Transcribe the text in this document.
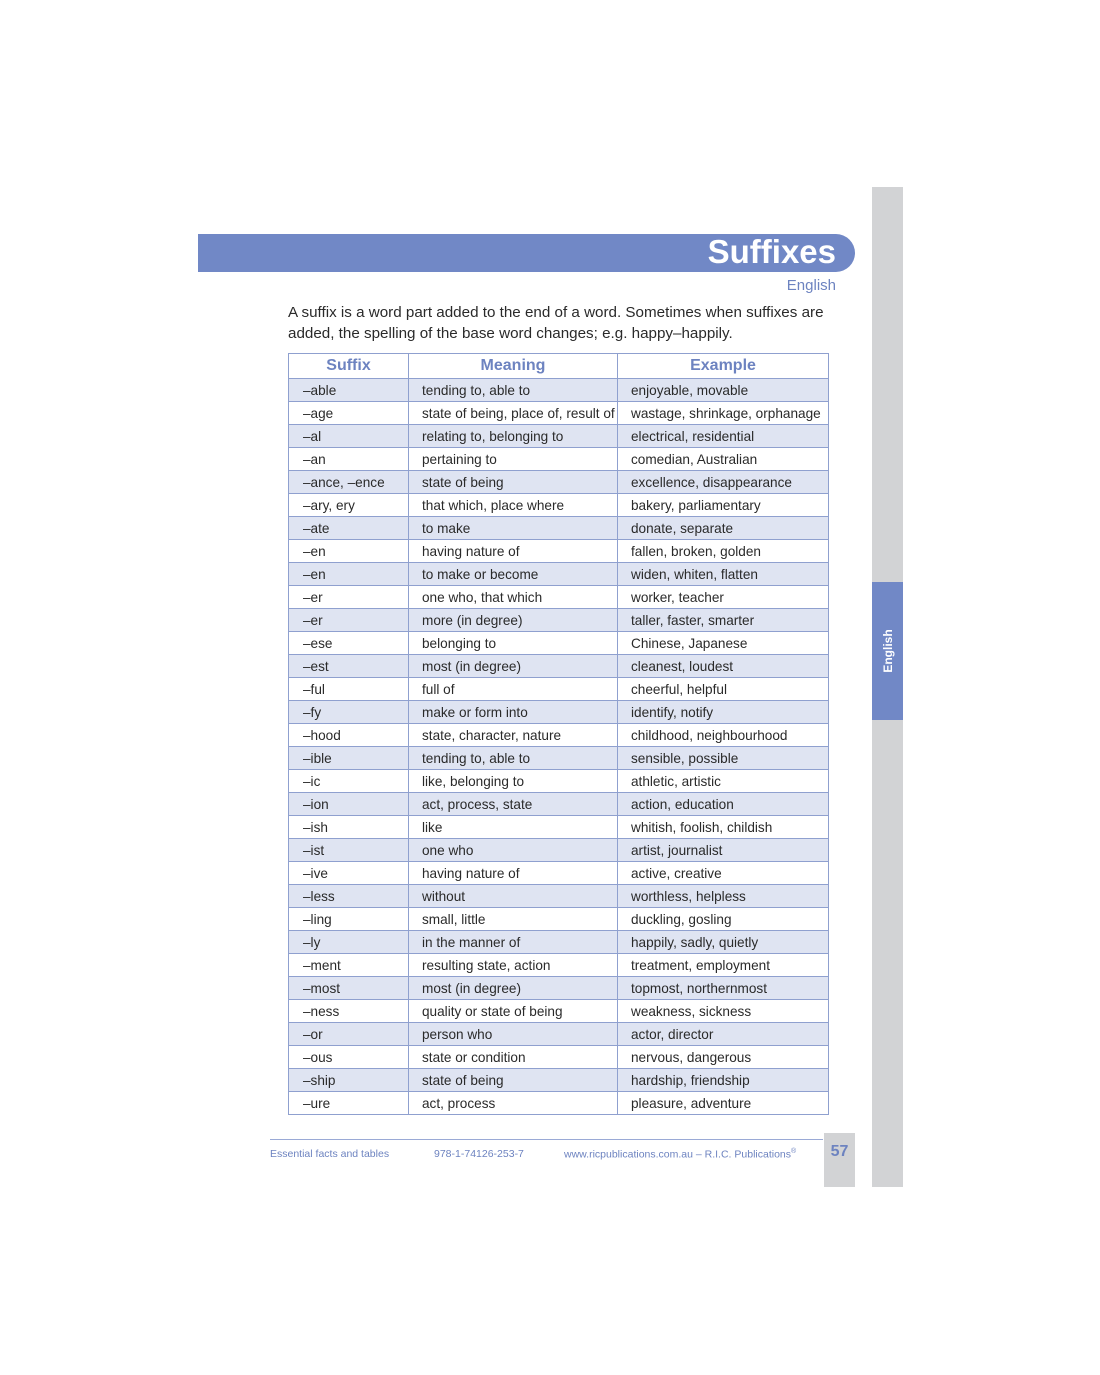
English
Suffixes
English

A suffix is a word part added to the end of a word. Sometimes when suffixes are added, the spelling of the base word changes; e.g. happy–happily.

Suffix	Meaning	Example
–able	tending to, able to	enjoyable, movable
–age	state of being, place of, result of	wastage, shrinkage, orphanage
–al	relating to, belonging to	electrical, residential
–an	pertaining to	comedian, Australian
–ance, –ence	state of being	excellence, disappearance
–ary, ery	that which, place where	bakery, parliamentary
–ate	to make	donate, separate
–en	having nature of	fallen, broken, golden
–en	to make or become	widen, whiten, flatten
–er	one who, that which	worker, teacher
–er	more (in degree)	taller, faster, smarter
–ese	belonging to	Chinese, Japanese
–est	most (in degree)	cleanest, loudest
–ful	full of	cheerful, helpful
–fy	make or form into	identify, notify
–hood	state, character, nature	childhood, neighbourhood
–ible	tending to, able to	sensible, possible
–ic	like, belonging to	athletic, artistic
–ion	act, process, state	action, education
–ish	like	whitish, foolish, childish
–ist	one who	artist, journalist
–ive	having nature of	active, creative
–less	without	worthless, helpless
–ling	small, little	duckling, gosling
–ly	in the manner of	happily, sadly, quietly
–ment	resulting state, action	treatment, employment
–most	most (in degree)	topmost, northernmost
–ness	quality or state of being	weakness, sickness
–or	person who	actor, director
–ous	state or condition	nervous, dangerous
–ship	state of being	hardship, friendship
–ure	act, process	pleasure, adventure
Essential facts and tables	978-1-74126-253-7	www.ricpublications.com.au – R.I.C. Publications®	57
